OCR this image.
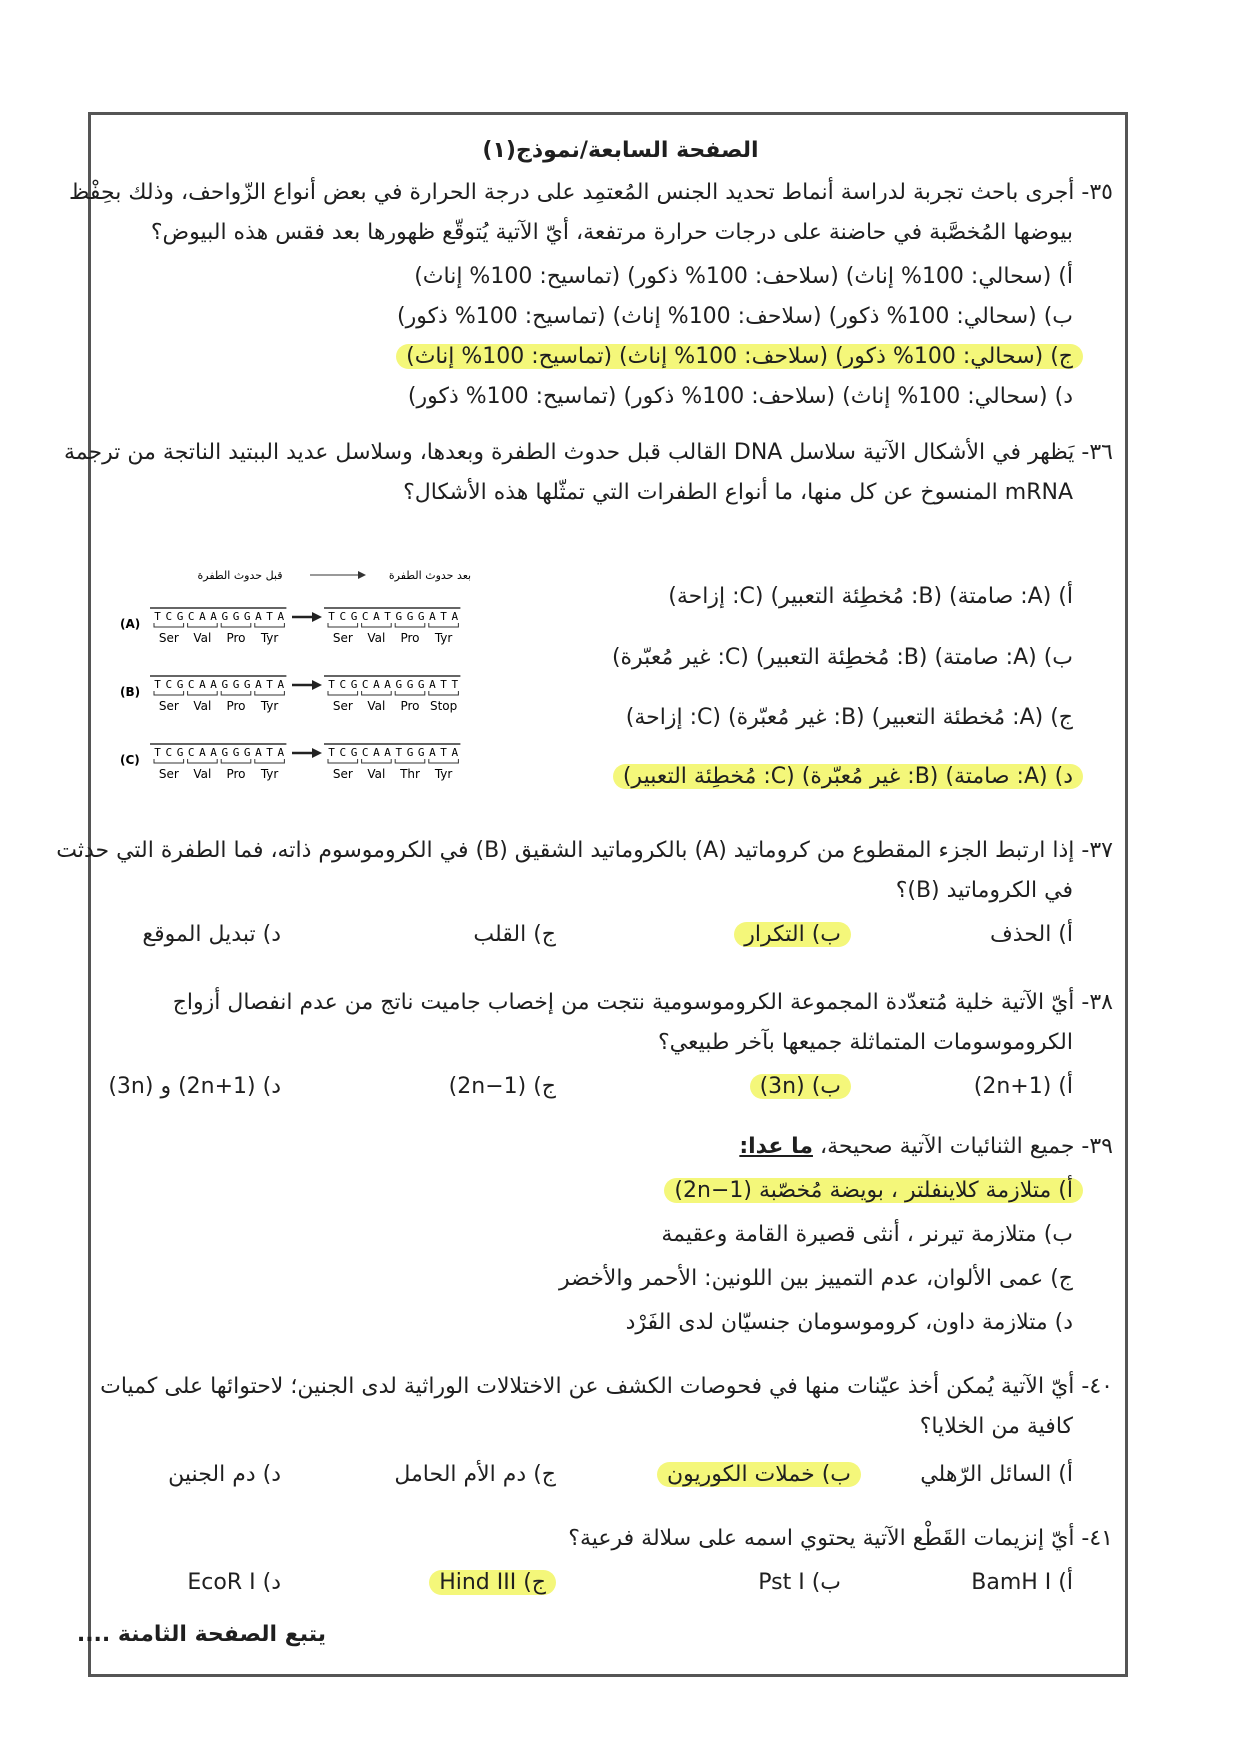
الصفحة السابعة/نموذج(١)
٣٥- أجرى باحث تجربة لدراسة أنماط تحديد الجنس المُعتمِد على درجة الحرارة في بعض أنواع الزّواحف، وذلك بحِفْظ
بيوضها المُخصَّبة في حاضنة على درجات حرارة مرتفعة، أيّ الآتية يُتوقّع ظهورها بعد فقس هذه البيوض؟
أ) (سحالي: 100% إناث) (سلاحف: 100% ذكور) (تماسيح: 100% إناث)
ب) (سحالي: 100% ذكور) (سلاحف: 100% إناث) (تماسيح: 100% ذكور)
ج) (سحالي: 100% ذكور) (سلاحف: 100% إناث) (تماسيح: 100% إناث)
د) (سحالي: 100% إناث) (سلاحف: 100% ذكور) (تماسيح: 100% ذكور)
٣٦- يَظهر في الأشكال الآتية سلاسل DNA القالب قبل حدوث الطفرة وبعدها، وسلاسل عديد الببتيد الناتجة من ترجمة
mRNA المنسوخ عن كل منها، ما أنواع الطفرات التي تمثّلها هذه الأشكال؟
أ) (A: صامتة) (B: مُخطِئة التعبير) (C: إزاحة)
ب) (A: صامتة) (B: مُخطِئة التعبير) (C: غير مُعبّرة)
ج) (A: مُخطئة التعبير) (B: غير مُعبّرة) (C: إزاحة)
د) (A: صامتة) (B: غير مُعبّرة) (C: مُخطِئة التعبير)
قبل حدوث الطفرة	بعد حدوث الطفرة
(A)
T C G C A A G G G A T A
Ser Val Pro Tyr
T C G C A T G G G A T A
Ser Val Pro Tyr
(B)
T C G C A A G G G A T A
Ser Val Pro Tyr
T C G C A A G G G A T T
Ser Val Pro Stop
(C)
T C G C A A G G G A T A
Ser Val Pro Tyr
T C G C A A T G G A T A
Ser Val Thr Tyr
٣٧- إذا ارتبط الجزء المقطوع من كروماتيد (A) بالكروماتيد الشقيق (B) في الكروموسوم ذاته، فما الطفرة التي حدثت
في الكروماتيد (B)؟
أ) الحذف
ب) التكرار
ج) القلب
د) تبديل الموقع
٣٨- أيّ الآتية خلية مُتعدّدة المجموعة الكروموسومية نتجت من إخصاب جاميت ناتج من عدم انفصال أزواج
الكروموسومات المتماثلة جميعها بآخر طبيعي؟
أ) (2n+1)
ب) (3n)
ج) (2n−1)
د) (2n+1) و (3n)
٣٩- جميع الثنائيات الآتية صحيحة، ما عدا:
أ) متلازمة كلاينفلتر ، بويضة مُخصّبة (2n−1)
ب) متلازمة تيرنر ، أنثى قصيرة القامة وعقيمة
ج) عمى الألوان، عدم التمييز بين اللونين: الأحمر والأخضر
د) متلازمة داون، كروموسومان جنسيّان لدى الفَرْد
٤٠- أيّ الآتية يُمكن أخذ عيّنات منها في فحوصات الكشف عن الاختلالات الوراثية لدى الجنين؛ لاحتوائها على كميات
كافية من الخلايا؟
أ) السائل الرّهلي
ب) خملات الكوريون
ج) دم الأم الحامل
د) دم الجنين
٤١- أيّ إنزيمات القَطْع الآتية يحتوي اسمه على سلالة فرعية؟
أ) BamH I
ب) Pst I
ج) Hind III
د) EcoR I
يتبع الصفحة الثامنة ....
